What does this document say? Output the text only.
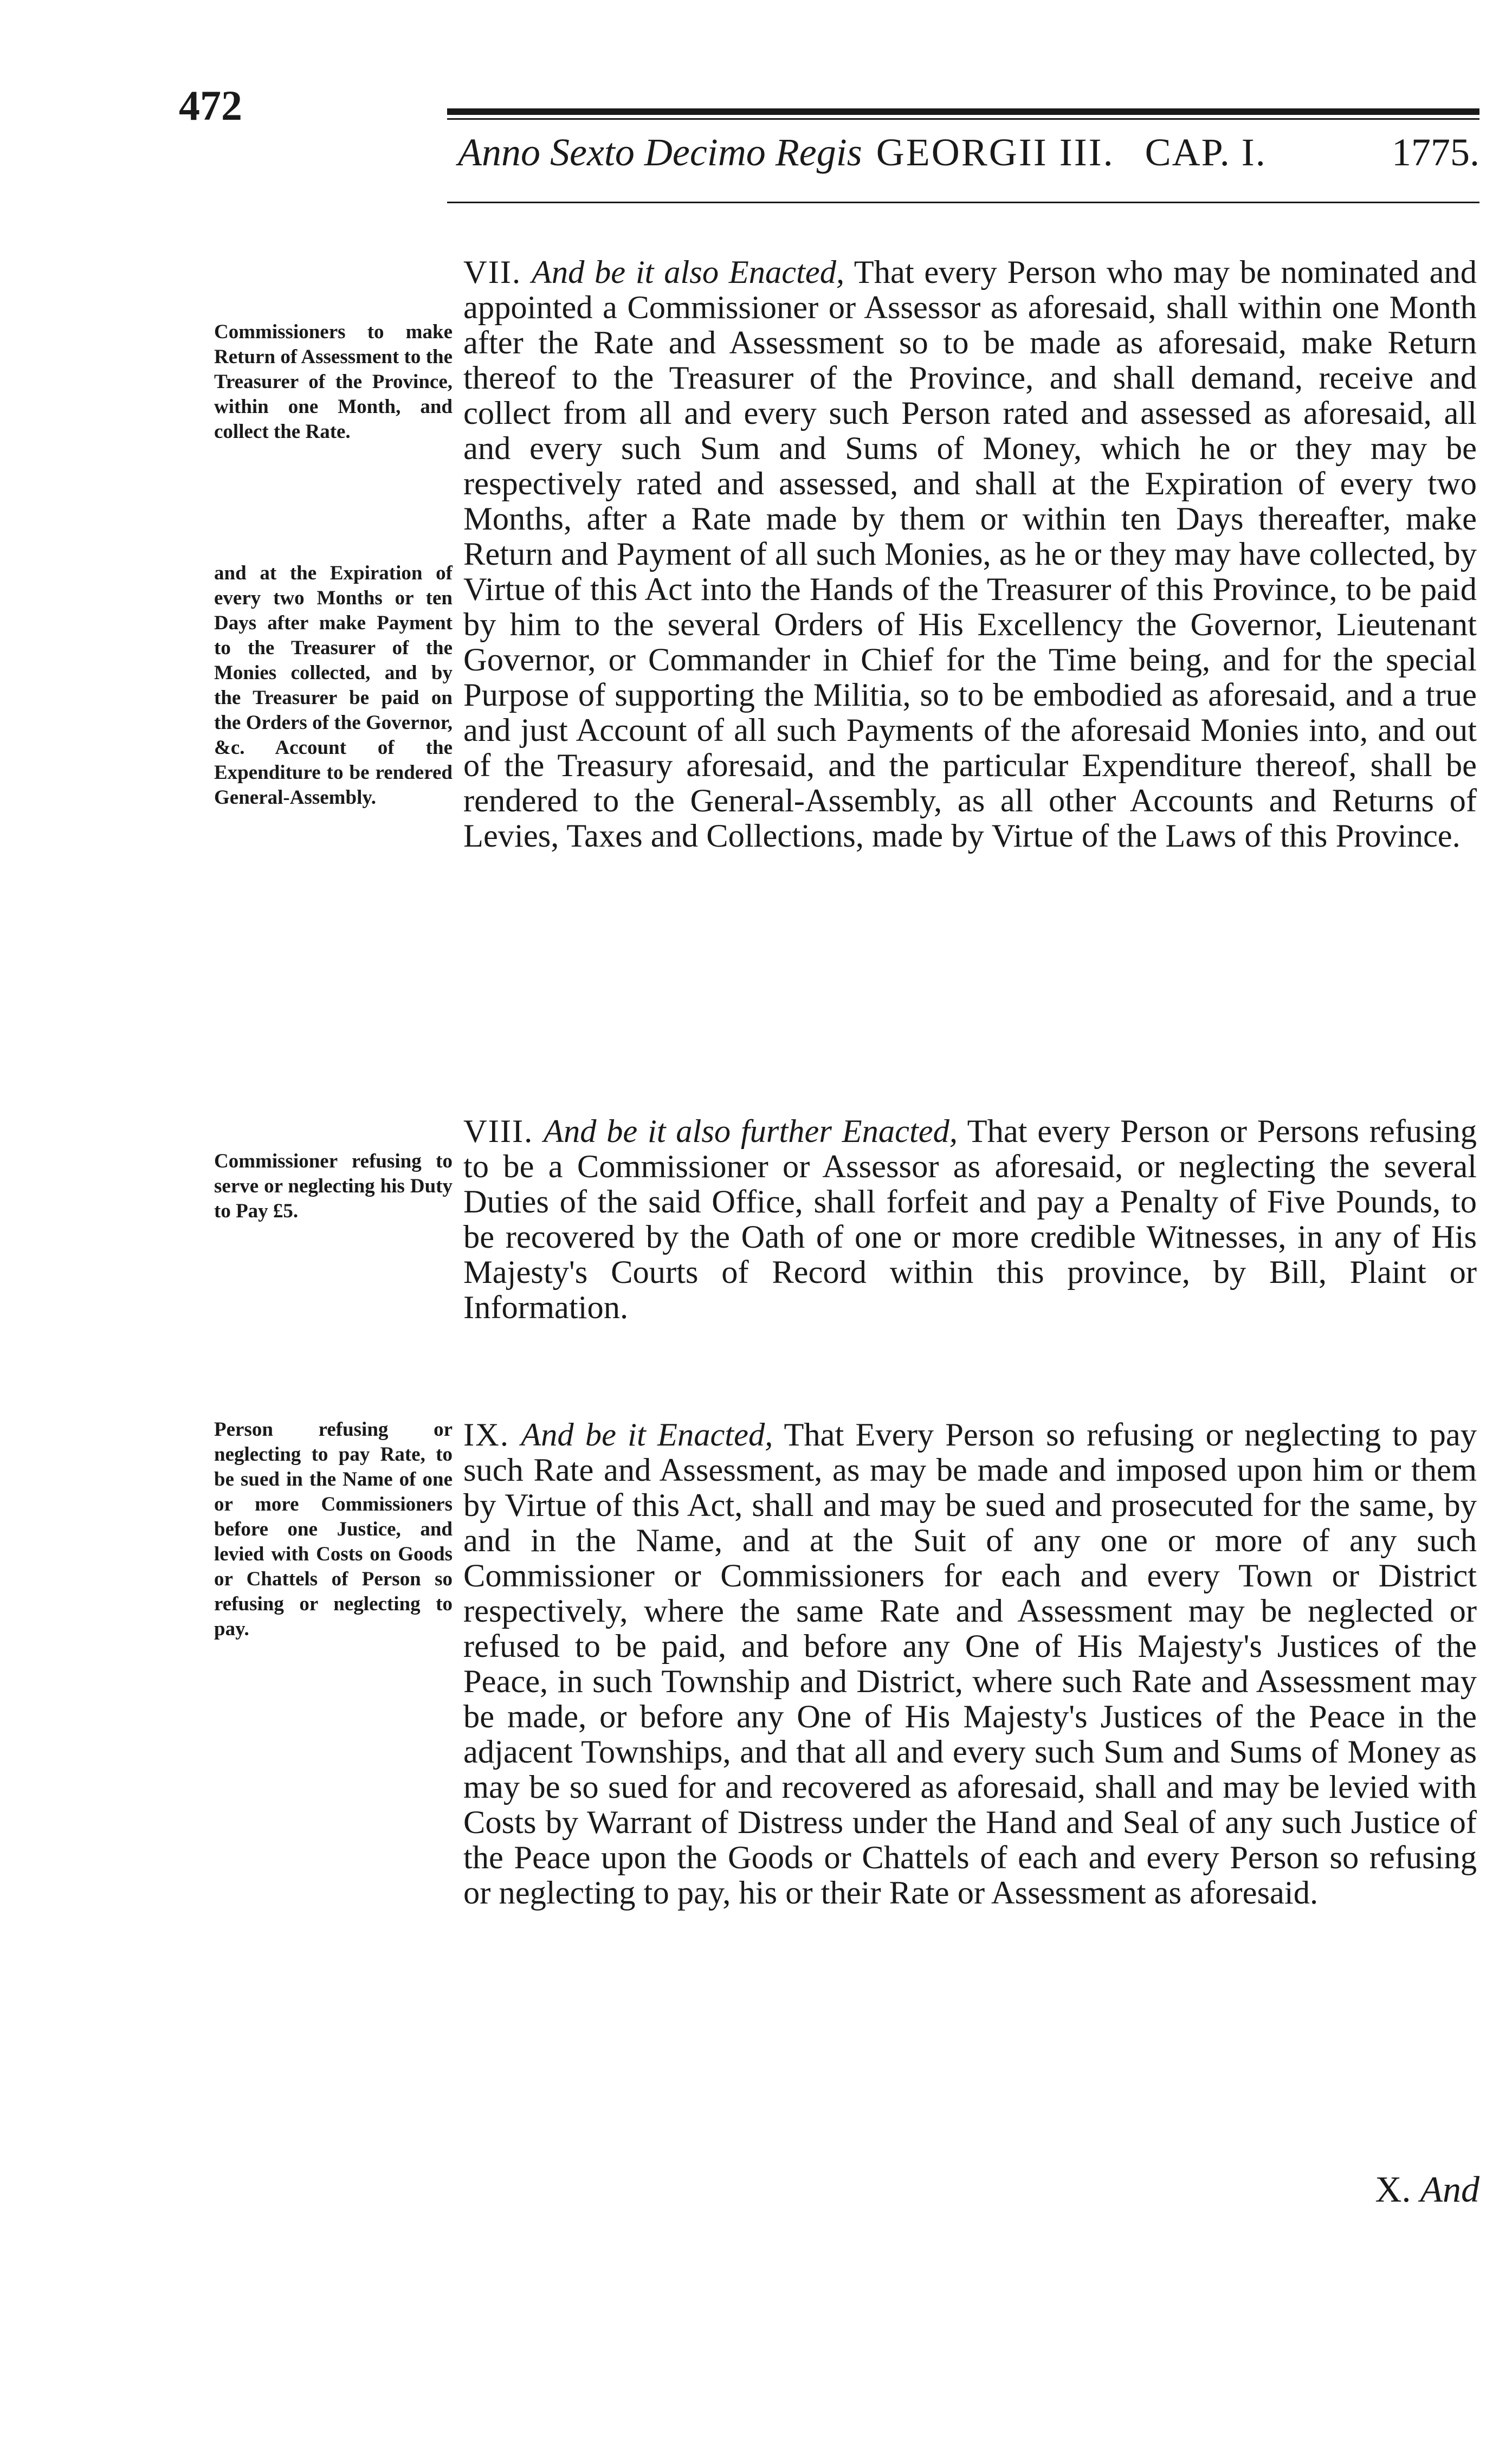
472
Anno Sexto Decimo Regis GEORGII III. CAP. I.	1775.
Commissioners to make Return of Assessment to the Treasurer of the Province, within one Month, and collect the Rate.
and at the Expiration of every two Months or ten Days after make Payment to the Treasurer of the Monies collected, and by the Treasurer be paid on the Orders of the Governor, &c. Account of the Expenditure to be rendered General-Assembly.
Commissioner refusing to serve or neglecting his Duty to Pay £5.
Person refusing or neglecting to pay Rate, to be sued in the Name of one or more Commissioners before one Justice, and levied with Costs on Goods or Chattels of Person so refusing or neglecting to pay.
VII. And be it also Enacted, That every Person who may be nominated and appointed a Commissioner or Assessor as aforesaid, shall within one Month after the Rate and Assessment so to be made as aforesaid, make Return thereof to the Treasurer of the Province, and shall demand, receive and collect from all and every such Person rated and assessed as aforesaid, all and every such Sum and Sums of Money, which he or they may be respectively rated and assessed, and shall at the Expiration of every two Months, after a Rate made by them or within ten Days thereafter, make Return and Payment of all such Monies, as he or they may have collected, by Virtue of this Act into the Hands of the Treasurer of this Province, to be paid by him to the several Orders of His Excellency the Governor, Lieutenant Governor, or Commander in Chief for the Time being, and for the special Purpose of supporting the Militia, so to be embodied as aforesaid, and a true and just Account of all such Payments of the aforesaid Monies into, and out of the Treasury aforesaid, and the particular Expenditure thereof, shall be rendered to the General-Assembly, as all other Accounts and Returns of Levies, Taxes and Collections, made by Virtue of the Laws of this Province.
VIII. And be it also further Enacted, That every Person or Persons refusing to be a Commissioner or Assessor as aforesaid, or neglecting the several Duties of the said Office, shall forfeit and pay a Penalty of Five Pounds, to be recovered by the Oath of one or more credible Witnesses, in any of His Majesty's Courts of Record within this province, by Bill, Plaint or Information.
IX. And be it Enacted, That Every Person so refusing or neglecting to pay such Rate and Assessment, as may be made and imposed upon him or them by Virtue of this Act, shall and may be sued and prosecuted for the same, by and in the Name, and at the Suit of any one or more of any such Commissioner or Commissioners for each and every Town or District respectively, where the same Rate and Assessment may be neglected or refused to be paid, and before any One of His Majesty's Justices of the Peace, in such Township and District, where such Rate and Assessment may be made, or before any One of His Majesty's Justices of the Peace in the adjacent Townships, and that all and every such Sum and Sums of Money as may be so sued for and recovered as aforesaid, shall and may be levied with Costs by Warrant of Distress under the Hand and Seal of any such Justice of the Peace upon the Goods or Chattels of each and every Person so refusing or neglecting to pay, his or their Rate or Assessment as aforesaid.
X. And
